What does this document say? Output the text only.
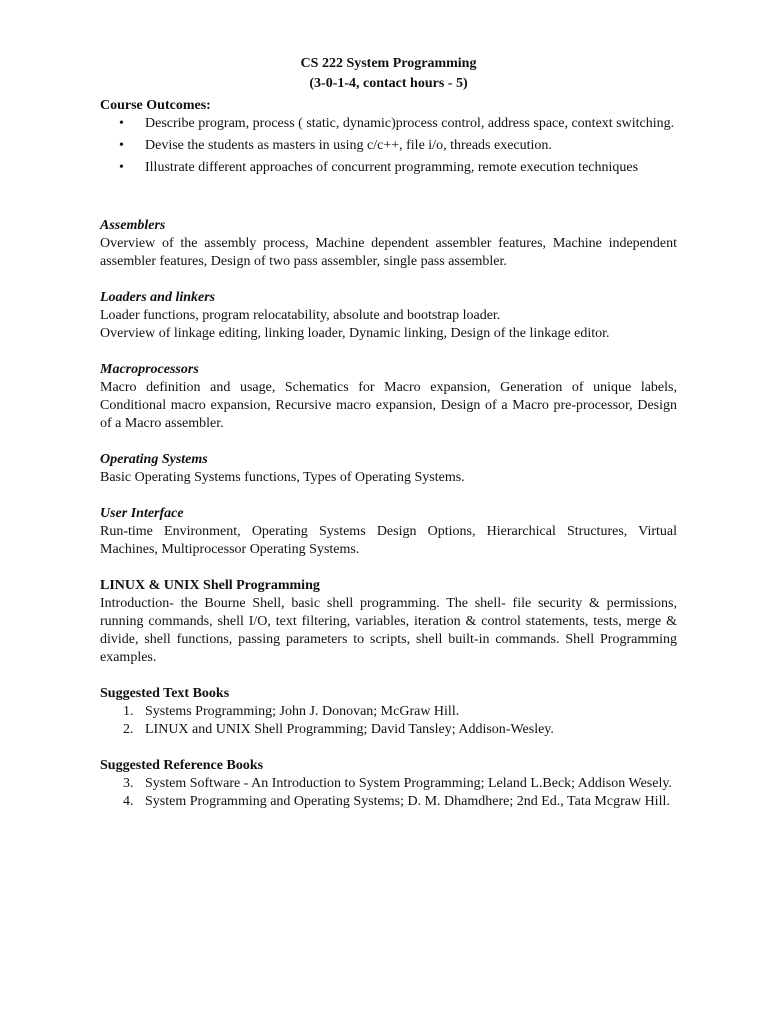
CS 222 System Programming

(3-0-1-4, contact hours - 5)

Course Outcomes:
• Describe program, process ( static, dynamic)process control, address space, context switching.
• Devise the students as masters in using c/c++, file i/o, threads execution.
• Illustrate different approaches of concurrent programming, remote execution techniques
Assemblers
Overview of the assembly process, Machine dependent assembler features, Machine independent assembler features, Design of two pass assembler, single pass assembler.
Loaders and linkers
Loader functions, program relocatability, absolute and bootstrap loader.
Overview of linkage editing, linking loader, Dynamic linking, Design of the linkage editor.
Macroprocessors
Macro definition and usage, Schematics for Macro expansion, Generation of unique labels, Conditional macro expansion, Recursive macro expansion, Design of a Macro pre-processor, Design of a Macro assembler.
Operating Systems
Basic Operating Systems functions, Types of Operating Systems.
User Interface
Run-time Environment, Operating Systems Design Options, Hierarchical Structures, Virtual Machines, Multiprocessor Operating Systems.
LINUX & UNIX Shell Programming
Introduction- the Bourne Shell, basic shell programming. The shell- file security & permissions, running commands, shell I/O, text filtering, variables, iteration & control statements, tests, merge & divide, shell functions, passing parameters to scripts, shell built-in commands. Shell Programming examples.
Suggested Text Books
1. Systems Programming; John J. Donovan; McGraw Hill.
2. LINUX and UNIX Shell Programming; David Tansley; Addison-Wesley.
Suggested Reference Books
3. System Software - An Introduction to System Programming; Leland L.Beck; Addison Wesely.
4. System Programming and Operating Systems; D. M. Dhamdhere; 2nd Ed., Tata Mcgraw Hill.
